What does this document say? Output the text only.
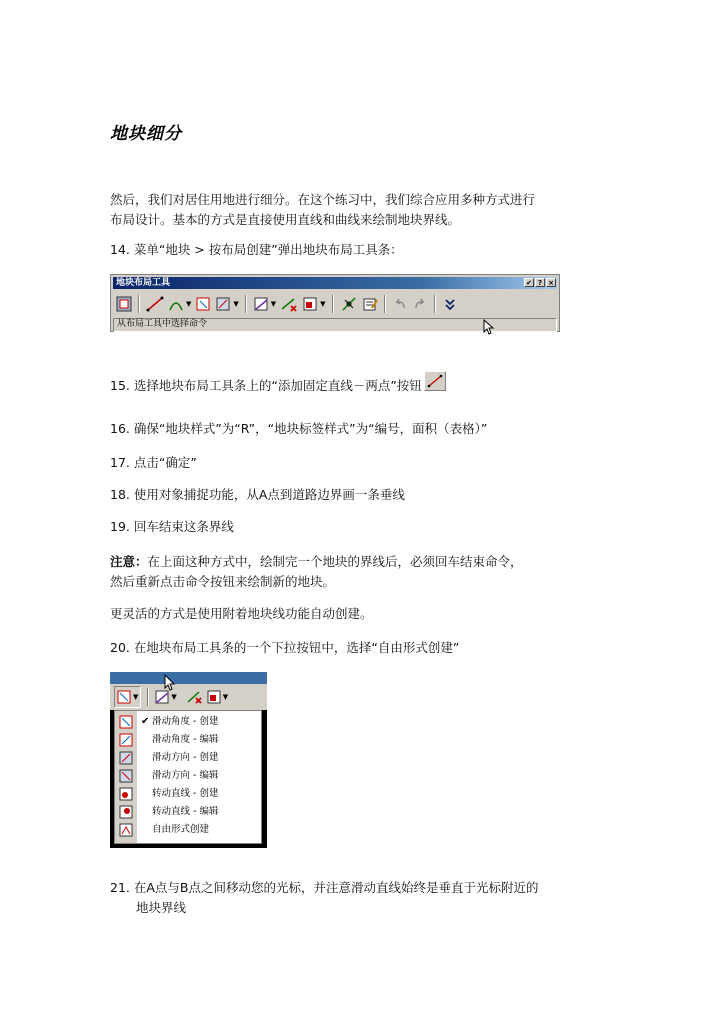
地块细分
然后，我们对居住用地进行细分。在这个练习中，我们综合应用多种方式进行
布局设计。基本的方式是直接使用直线和曲线来绘制地块界线。
14. 菜单“地块 > 按布局创建”弹出地块布局工具条：
地块布局工具	✔ ? ×
▼	▼	▼	▼
从布局工具中选择命令
15. 选择地块布局工具条上的“添加固定直线－两点”按钮
16. 确保“地块样式”为“R”，“地块标签样式”为“编号，面积（表格）”
17. 点击“确定”
18. 使用对象捕捉功能，从A点到道路边界画一条垂线
19. 回车结束这条界线
注意：在上面这种方式中，绘制完一个地块的界线后，必须回车结束命令，
然后重新点击命令按钮来绘制新的地块。
更灵活的方式是使用附着地块线功能自动创建。
20. 在地块布局工具条的一个下拉按钮中，选择“自由形式创建”
▼	▼	▼
✔ 滑动角度 - 创建
滑动角度 - 编辑
滑动方向 - 创建
滑动方向 - 编辑
转动直线 - 创建
转动直线 - 编辑
自由形式创建
21. 在A点与B点之间移动您的光标，并注意滑动直线始终是垂直于光标附近的

地块界线
